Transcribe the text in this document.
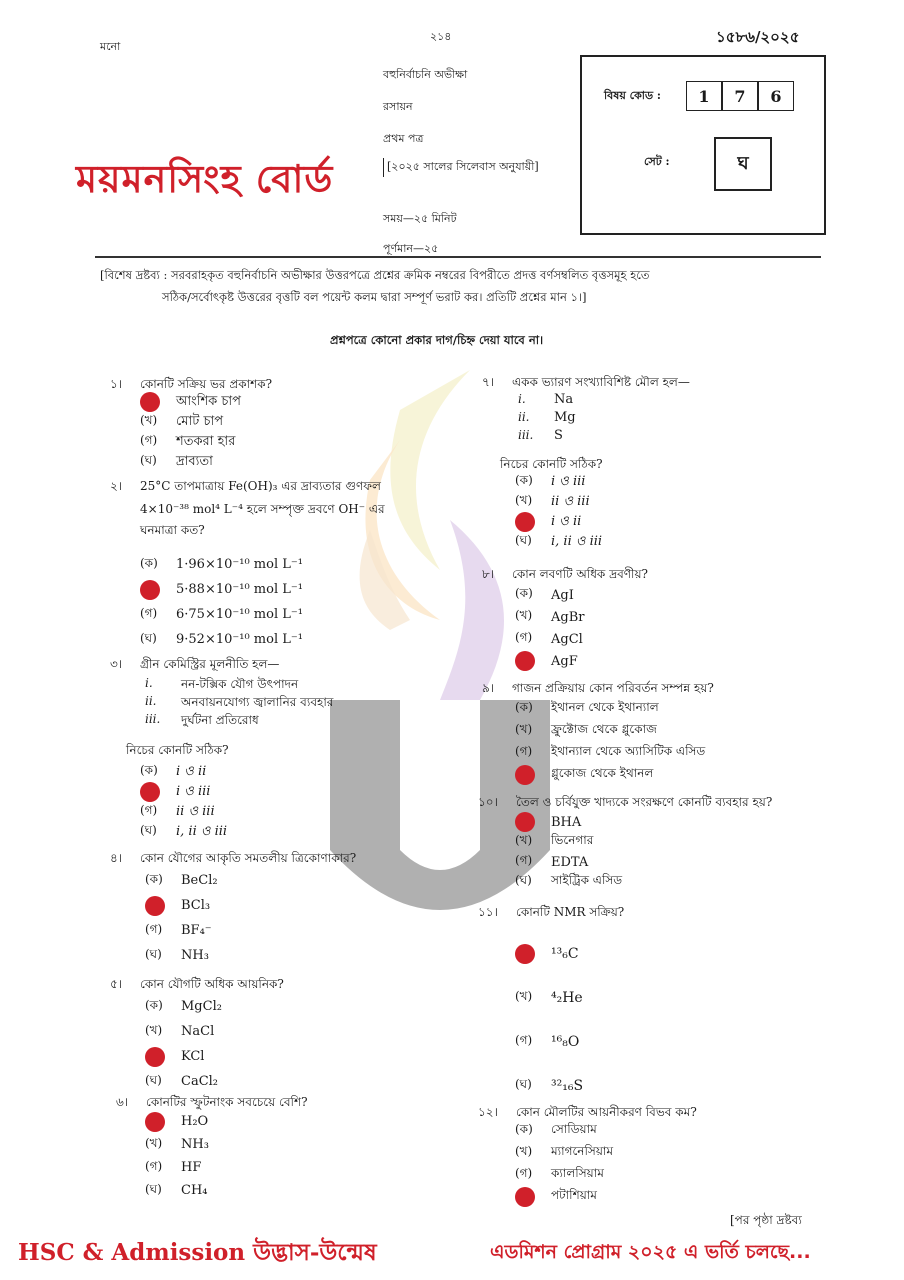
মনো
২১৪	১৫৮৬/২০২৫
বহুনির্বাচনি অভীক্ষা
রসায়ন
প্রথম পত্র
[২০২৫ সালের সিলেবাস অনুযায়ী]
সময়—২৫ মিনিট
পূর্ণমান—২৫
ময়মনসিংহ বোর্ড
বিষয় কোড :	1	7	6
সেট :	ঘ
[বিশেষ দ্রষ্টব্য : সরবরাহকৃত বহুনির্বাচনি অভীক্ষার উত্তরপত্রে প্রশ্নের ক্রমিক নম্বরের বিপরীতে প্রদত্ত বর্ণসম্বলিত বৃত্তসমূহ হতে
সঠিক/সর্বোৎকৃষ্ট উত্তরের বৃত্তটি বল পয়েন্ট কলম দ্বারা সম্পূর্ণ ভরাট কর। প্রতিটি প্রশ্নের মান ১।]
প্রশ্নপত্রে কোনো প্রকার দাগ/চিহ্ন দেয়া যাবে না।
১। কোনটি সক্রিয় ভর প্রকাশক?
আংশিক চাপ
(খ)	মোট চাপ
(গ)	শতকরা হার
(ঘ)	দ্রাব্যতা
২। 25°C তাপমাত্রায় Fe(OH)₃ এর দ্রাব্যতার গুণফল
4×10⁻³⁸ mol⁴ L⁻⁴ হলে সম্পৃক্ত দ্রবণে OH⁻ এর
ঘনমাত্রা কত?
(ক)	1·96×10⁻¹⁰ mol L⁻¹
5·88×10⁻¹⁰ mol L⁻¹
(গ)	6·75×10⁻¹⁰ mol L⁻¹
(ঘ)	9·52×10⁻¹⁰ mol L⁻¹
৩। গ্রীন কেমিস্ট্রির মূলনীতি হল—
i.	নন-টক্সিক যৌগ উৎপাদন
ii.	অনবায়নযোগ্য জ্বালানির ব্যবহার
iii.	দুর্ঘটনা প্রতিরোধ
নিচের কোনটি সঠিক?
(ক)	i ও ii
i ও iii
(গ)	ii ও iii
(ঘ)	i, ii ও iii
৪। কোন যৌগের আকৃতি সমতলীয় ত্রিকোণাকার?
(ক)	BeCl₂
BCl₃
(গ)	BF₄⁻
(ঘ)	NH₃
৫। কোন যৌগটি অধিক আয়নিক?
(ক)	MgCl₂
(খ)	NaCl
KCl
(ঘ)	CaCl₂
৬। কোনটির স্ফুটনাংক সবচেয়ে বেশি?
H₂O
(খ)	NH₃
(গ)	HF
(ঘ)	CH₄
৭। একক ভ্যারণ সংখ্যাবিশিষ্ট মৌল হল—
i.	Na
ii.	Mg
iii.	S
নিচের কোনটি সঠিক?
(ক)	i ও iii
(খ)	ii ও iii
i ও ii
(ঘ)	i, ii ও iii
৮। কোন লবণটি অধিক দ্রবণীয়?
(ক)	AgI
(খ)	AgBr
(গ)	AgCl
AgF
৯। গাজন প্রক্রিয়ায় কোন পরিবর্তন সম্পন্ন হয়?
(ক)	ইথানল থেকে ইথান্যাল
(খ)	ফ্রুক্টোজ থেকে গ্লুকোজ
(গ)	ইথান্যাল থেকে অ্যাসিটিক এসিড
গ্লুকোজ থেকে ইথানল
১০। তৈল ও চর্বিযুক্ত খাদ্যকে সংরক্ষণে কোনটি ব্যবহার হয়?
BHA
(খ)	ভিনেগার
(গ)	EDTA
(ঘ)	সাইট্রিক এসিড
১১। কোনটি NMR সক্রিয়?
¹³₆C
(খ)	⁴₂He
(গ)	¹⁶₈O
(ঘ)	³²₁₆S
১২। কোন মৌলটির আয়নীকরণ বিভব কম?
(ক)	সোডিয়াম
(খ)	ম্যাগনেসিয়াম
(গ)	ক্যালসিয়াম
পটাশিয়াম
[পর পৃষ্ঠা দ্রষ্টব্য
HSC & Admission উদ্ভাস-উন্মেষ	এডমিশন প্রোগ্রাম ২০২৫ এ ভর্তি চলছে...
